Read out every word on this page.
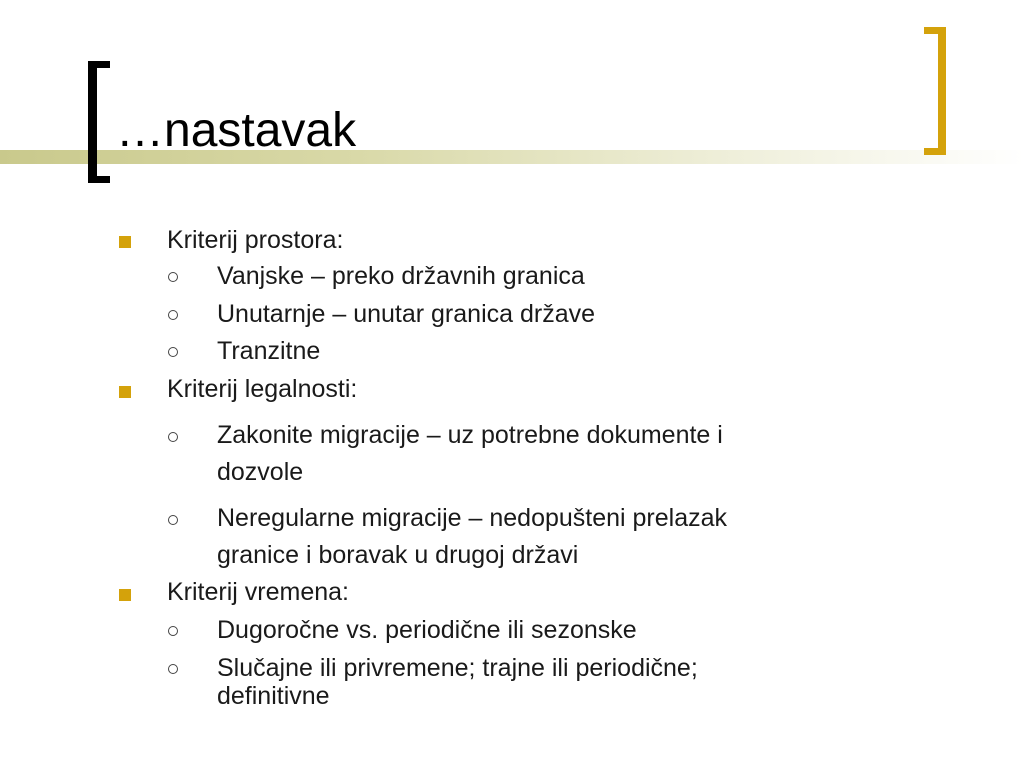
…nastavak
Kriterij prostora:
Vanjske – preko državnih granica
Unutarnje – unutar granica države
Tranzitne
Kriterij legalnosti:
Zakonite migracije – uz potrebne dokumente i
dozvole
Neregularne migracije – nedopušteni prelazak
granice i boravak u drugoj državi
Kriterij vremena:
Dugoročne vs. periodične ili sezonske
Slučajne ili privremene; trajne ili periodične;
definitivne
